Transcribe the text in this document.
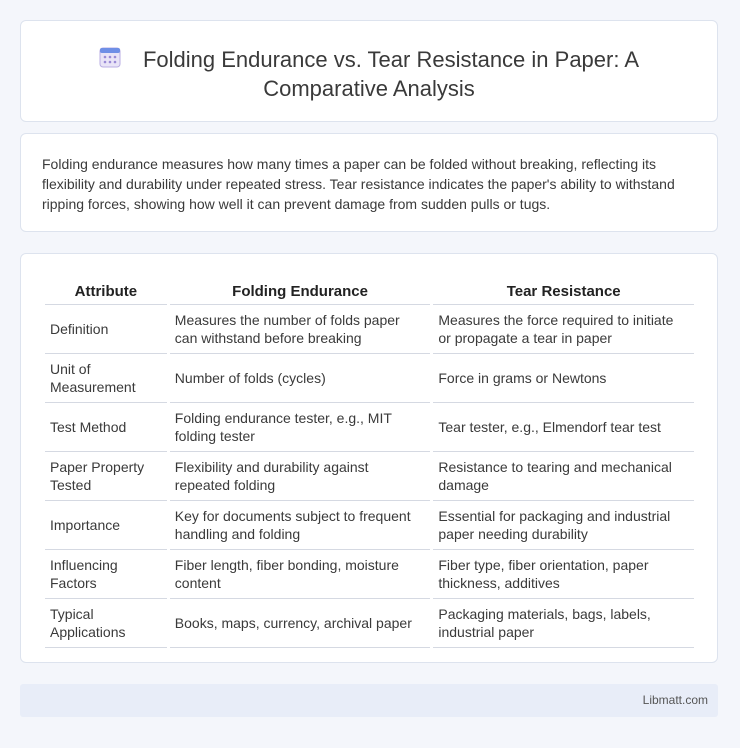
Folding Endurance vs. Tear Resistance in Paper: A
Comparative Analysis
Folding endurance measures how many times a paper can be folded without breaking, reflecting its flexibility and durability under repeated stress. Tear resistance indicates the paper's ability to withstand ripping forces, showing how well it can prevent damage from sudden pulls or tugs.
Attribute	Folding Endurance	Tear Resistance
Definition	Measures the number of folds paper can withstand before breaking	Measures the force required to initiate or propagate a tear in paper
Unit of Measurement	Number of folds (cycles)	Force in grams or Newtons
Test Method	Folding endurance tester, e.g., MIT folding tester	Tear tester, e.g., Elmendorf tear test
Paper Property Tested	Flexibility and durability against repeated folding	Resistance to tearing and mechanical damage
Importance	Key for documents subject to frequent handling and folding	Essential for packaging and industrial paper needing durability
Influencing Factors	Fiber length, fiber bonding, moisture content	Fiber type, fiber orientation, paper thickness, additives
Typical Applications	Books, maps, currency, archival paper	Packaging materials, bags, labels, industrial paper
Libmatt.com
